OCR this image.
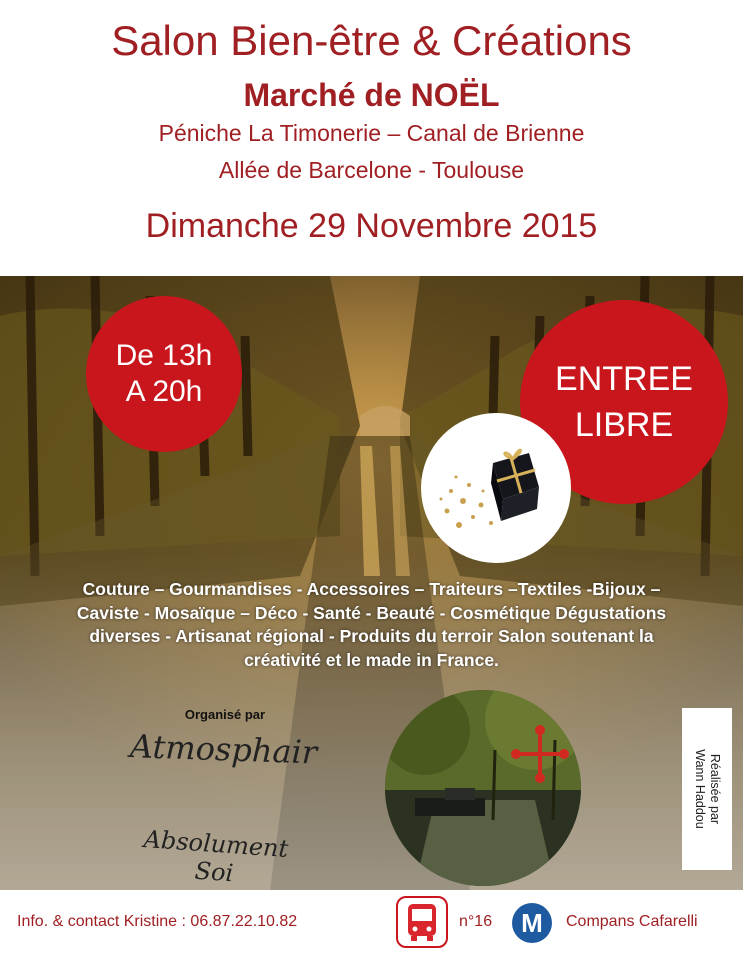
Salon Bien-être & Créations
Marché de NOËL
Péniche La Timonerie – Canal de Brienne
Allée de Barcelone - Toulouse
Dimanche 29 Novembre 2015
De 13h
A 20h	ENTREE
LIBRE
Couture – Gourmandises - Accessoires – Traiteurs –Textiles -Bijoux –
Caviste - Mosaïque – Déco - Santé - Beauté - Cosmétique Dégustations
diverses - Artisanat régional - Produits du terroir Salon soutenant la
créativité et le made in France.
Organisé par
Atmosphair
Absolument Soi
Réalisée par
Wann Haddou
Info. & contact Kristine : 06.87.22.10.82	n°16	M	Compans Cafarelli
